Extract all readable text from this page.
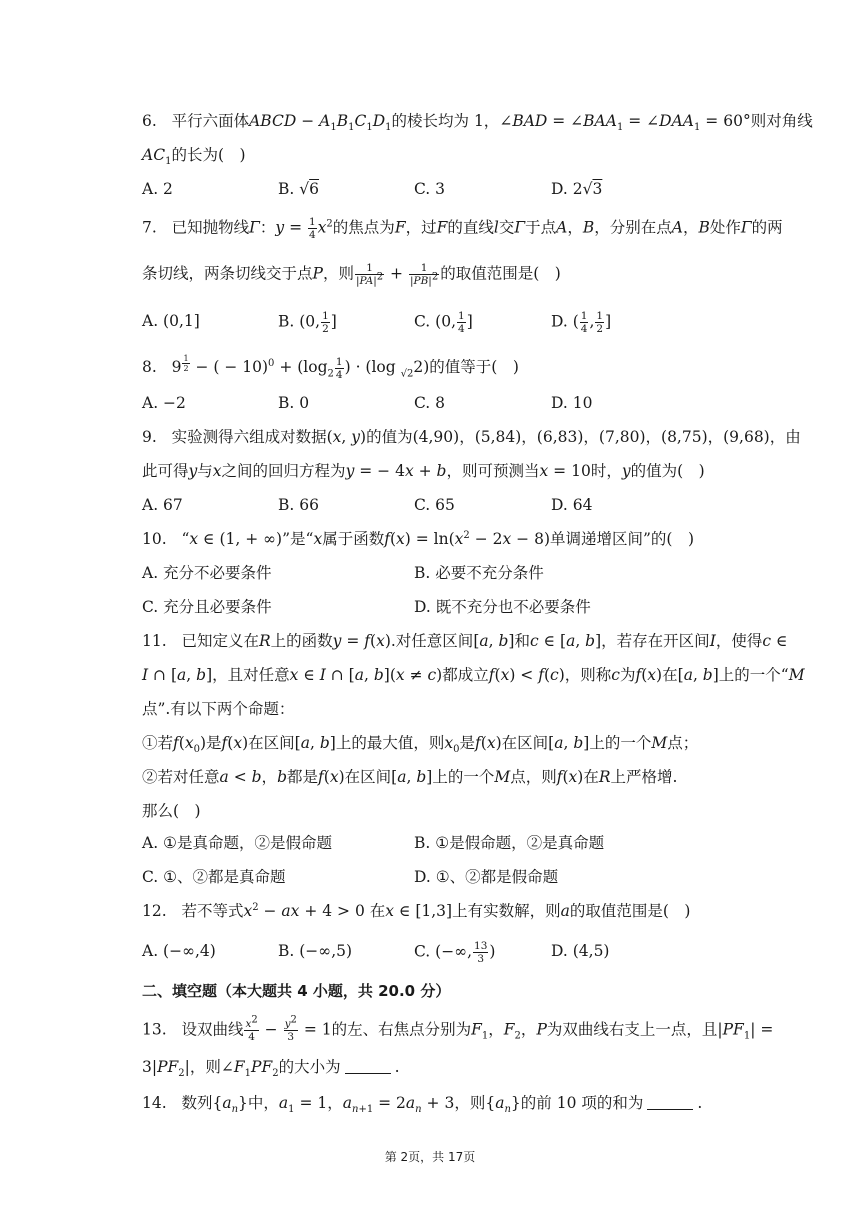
6. 平行六面体ABCD − $A_1B_1C_1D_1$的棱长均为 1，∠BAD = $\angle BAA_1$ = $\angle DAA_1 = 60^\circ$则对角线
$AC_1$的长为(　)
A. 2	B. √6	C. 3	D. 2√3
7. 已知抛物线Γ：$y = \frac{1}{4} x^2$的焦点为F，过F的直线l交Γ于点A，B，分别在点A，B处作Γ的两
条切线，两条切线交于点P，则 $\frac{1}{|PA|^2} + \frac{1}{|PB|^2}$ 的取值范围是(　)
A. (0,1]	B. (0, $\frac{1}{2}$ ]	C. (0, $\frac{1}{4}$ ]	D. ( $\frac{1}{4}$ , $\frac{1}{2}$ ]
8.   9 $^{\frac{1}{2}}$ − ( − $10)^0 + (\log_2 \frac{1}{4}$ ) · (log $_{√2}$2)的值等于(　)
A. −2	B. 0	C. 8	D. 10
9. 实验测得六组成对数据(x, y)的值为(4,90)，(5,84)，(6,83)，(7,80)，(8,75)，(9,68)，由
此可得y与x之间的回归方程为y = − 4x + b，则可预测当x = 10时，y的值为(　)
A. 67	B. 66	C. 65	D. 64
10. “x ∈ (1, + ∞)”是“x属于函数$f(x) = \ln(x^2 - 2x - 8)$单调递增区间”的(　)
A. 充分不必要条件	B. 必要不充分条件
C. 充分且必要条件	D. 既不充分也不必要条件
11. 已知定义在R上的函数y = f(x).对任意区间[a, b]和c ∈ [a, b]，若存在开区间I，使得c ∈
I ∩ [a, b]，且对任意x ∈ I ∩ [a, b](x ≠ c)都成立f(x) < f(c)，则称c为f(x)在[a, b]上的一个“M
点”.有以下两个命题：
①若$f(x_0)$是f(x)在区间[a, b]上的最大值，则$x_0$是f(x)在区间[a, b]上的一个M点；
②若对任意a < b，b都是f(x)在区间[a, b]上的一个M点，则f(x)在R上严格增.
那么(　)
A. ①是真命题，②是假命题	B. ①是假命题，②是真命题
C. ①、②都是真命题	D. ①、②都是假命题
12. 若不等式$x^2$ − ax + 4 > 0 在x ∈ [1,3]上有实数解，则a的取值范围是(　)
A. (−∞,4)	B. (−∞,5)	C. (−∞, $\frac{13}{3}$ )	D. (4,5)
二、填空题（本大题共 4 小题，共 20.0 分）
13. 设双曲线 $\frac{x^2}{4} - \frac{y^2}{3} = 1$的左、右焦点分别为$F_1$，$F_2$，P为双曲线右支上一点，且$|PF_1|$ =
$3|PF_2|$，则$\angle F_1PF_2$的大小为	.
14. 数列$\{a_n\}$中，$a_1 = 1$，$a_{n+1} = 2a_n + 3$，则$\{a_n\}$的前 10 项的和为	.
第 2页，共 17页
